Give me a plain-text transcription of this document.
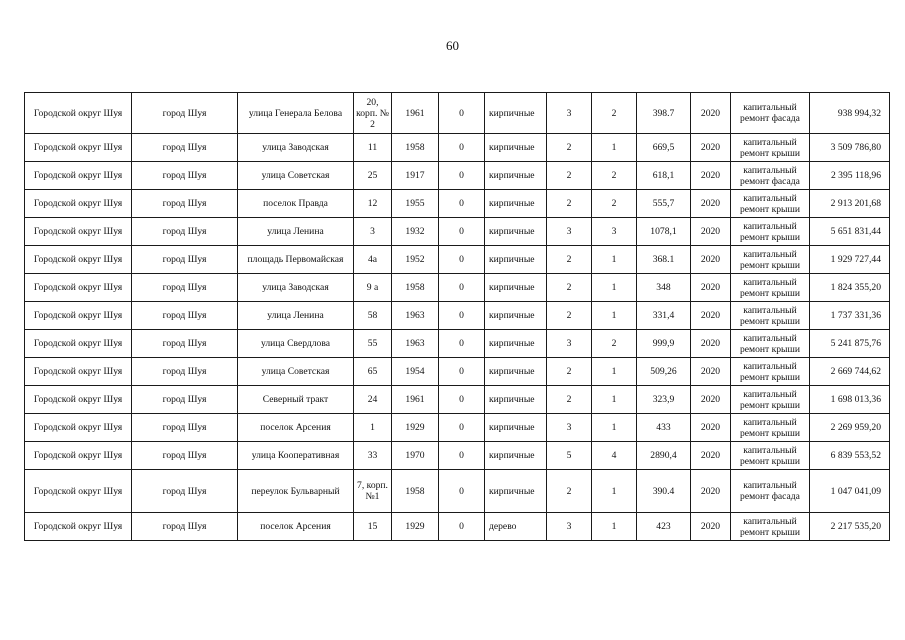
60
Городской округ Шуя	город Шуя	улица Генерала Белова	20, корп. № 2	1961	0	кирпичные	3	2	398.7	2020	капитальный ремонт фасада	938 994,32
Городской округ Шуя	город Шуя	улица Заводская	11	1958	0	кирпичные	2	1	669,5	2020	капитальный ремонт крыши	3 509 786,80
Городской округ Шуя	город Шуя	улица Советская	25	1917	0	кирпичные	2	2	618,1	2020	капитальный ремонт фасада	2 395 118,96
Городской округ Шуя	город Шуя	поселок Правда	12	1955	0	кирпичные	2	2	555,7	2020	капитальный ремонт крыши	2 913 201,68
Городской округ Шуя	город Шуя	улица Ленина	3	1932	0	кирпичные	3	3	1078,1	2020	капитальный ремонт крыши	5 651 831,44
Городской округ Шуя	город Шуя	площадь Первомайская	4а	1952	0	кирпичные	2	1	368.1	2020	капитальный ремонт крыши	1 929 727,44
Городской округ Шуя	город Шуя	улица Заводская	9 а	1958	0	кирпичные	2	1	348	2020	капитальный ремонт крыши	1 824 355,20
Городской округ Шуя	город Шуя	улица Ленина	58	1963	0	кирпичные	2	1	331,4	2020	капитальный ремонт крыши	1 737 331,36
Городской округ Шуя	город Шуя	улица Свердлова	55	1963	0	кирпичные	3	2	999,9	2020	капитальный ремонт крыши	5 241 875,76
Городской округ Шуя	город Шуя	улица Советская	65	1954	0	кирпичные	2	1	509,26	2020	капитальный ремонт крыши	2 669 744,62
Городской округ Шуя	город Шуя	Северный тракт	24	1961	0	кирпичные	2	1	323,9	2020	капитальный ремонт крыши	1 698 013,36
Городской округ Шуя	город Шуя	поселок Арсения	1	1929	0	кирпичные	3	1	433	2020	капитальный ремонт крыши	2 269 959,20
Городской округ Шуя	город Шуя	улица Кооперативная	33	1970	0	кирпичные	5	4	2890,4	2020	капитальный ремонт крыши	6 839 553,52
Городской округ Шуя	город Шуя	переулок Бульварный	7, корп. №1	1958	0	кирпичные	2	1	390.4	2020	капитальный ремонт фасада	1 047 041,09
Городской округ Шуя	город Шуя	поселок Арсения	15	1929	0	дерево	3	1	423	2020	капитальный ремонт крыши	2 217 535,20
